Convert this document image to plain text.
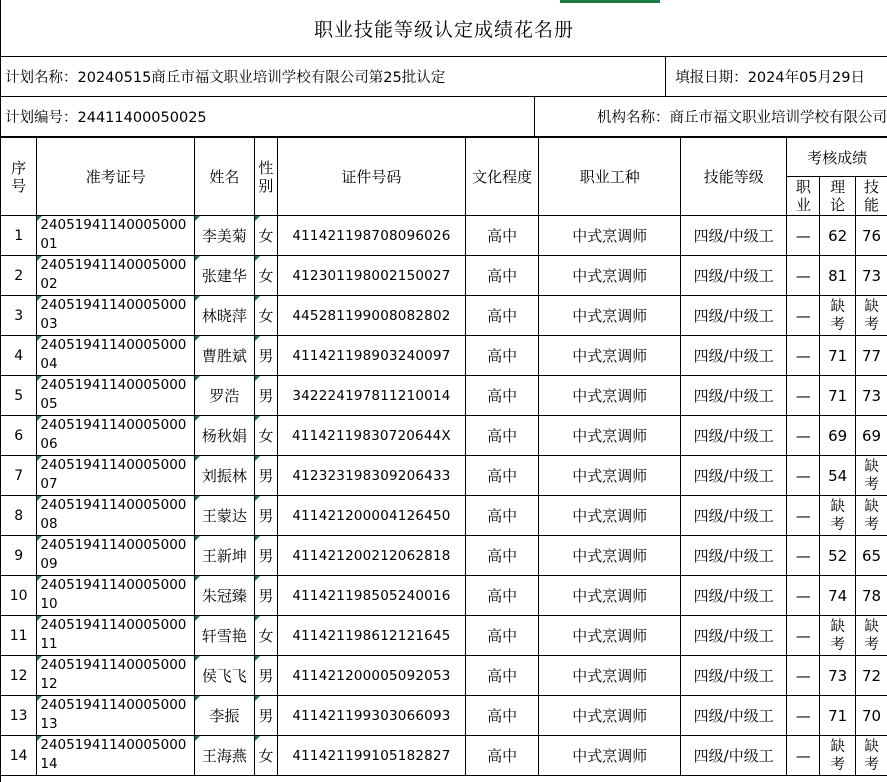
职业技能等级认定成绩花名册
计划名称：20240515商丘市福文职业培训学校有限公司第25批认定	填报日期：2024年05月29日
计划编号：24411400050025	机构名称：商丘市福文职业培训学校有限公司
序号	准考证号	姓名	性别	证件号码	文化程度	职业工种	技能等级	考核成绩		

								职业	理论	技能

1	2405194114000500001	李美菊	女	411421198708096026	高中	中式烹调师	四级/中级工	—	62	76
2	2405194114000500002	张建华	女	412301198002150027	高中	中式烹调师	四级/中级工	—	81	73
3	2405194114000500003	林晓萍	女	445281199008082802	高中	中式烹调师	四级/中级工	—	缺考	缺考

4	2405194114000500004	曹胜斌	男	411421198903240097	高中	中式烹调师	四级/中级工	—	71	77
5	2405194114000500005	罗浩	男	342224197811210014	高中	中式烹调师	四级/中级工	—	71	73
6	2405194114000500006	杨秋娟	女	41142119830720644X	高中	中式烹调师	四级/中级工	—	69	69
7	2405194114000500007	刘振林	男	412323198309206433	高中	中式烹调师	四级/中级工	—	54	缺考

8	2405194114000500008	王蒙达	男	411421200004126450	高中	中式烹调师	四级/中级工	—	缺考	缺考

9	2405194114000500009	王新坤	男	411421200212062818	高中	中式烹调师	四级/中级工	—	52	65
10	2405194114000500010	朱冠臻	男	411421198505240016	高中	中式烹调师	四级/中级工	—	74	78
11	2405194114000500011	轩雪艳	女	411421198612121645	高中	中式烹调师	四级/中级工	—	缺考	缺考

12	2405194114000500012	侯飞飞	男	411421200005092053	高中	中式烹调师	四级/中级工	—	73	72
13	2405194114000500013	李振	男	411421199303066093	高中	中式烹调师	四级/中级工	—	71	70
14	2405194114000500014	王海燕	女	411421199105182827	高中	中式烹调师	四级/中级工	—	缺考	缺考
